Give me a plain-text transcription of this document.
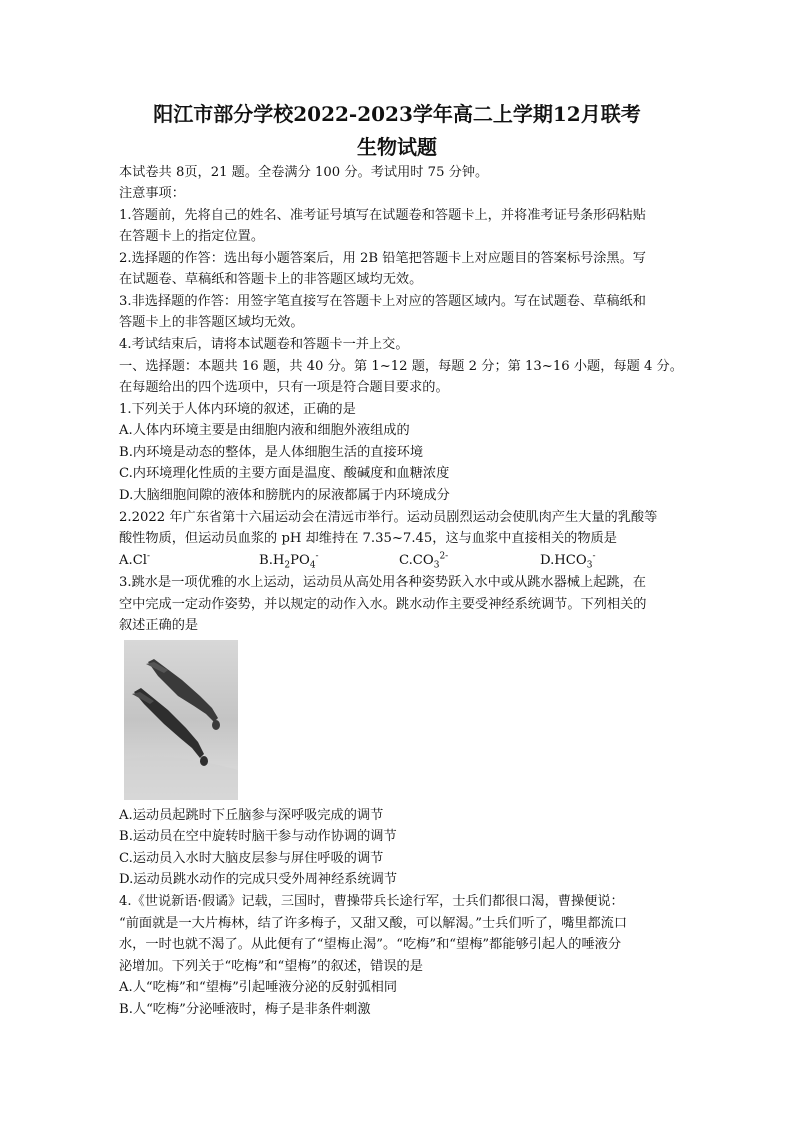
阳江市部分学校2022-2023学年高二上学期12月联考
生物试题
本试卷共 8页，21 题。全卷满分 100 分。考试用时 75 分钟。
注意事项：
1.答题前，先将自己的姓名、准考证号填写在试题卷和答题卡上，并将准考证号条形码粘贴
在答题卡上的指定位置。
2.选择题的作答：选出每小题答案后，用 2B 铅笔把答题卡上对应题目的答案标号涂黑。写
在试题卷、草稿纸和答题卡上的非答题区域均无效。
3.非选择题的作答：用签字笔直接写在答题卡上对应的答题区域内。写在试题卷、草稿纸和
答题卡上的非答题区域均无效。
4.考试结束后，请将本试题卷和答题卡一并上交。
一、选择题：本题共 16 题，共 40 分。第 1~12 题，每题 2 分；第 13~16 小题，每题 4 分。
在每题给出的四个选项中，只有一项是符合题目要求的。
1.下列关于人体内环境的叙述，正确的是
A.人体内环境主要是由细胞内液和细胞外液组成的
B.内环境是动态的整体，是人体细胞生活的直接环境
C.内环境理化性质的主要方面是温度、酸碱度和血糖浓度
D.大脑细胞间隙的液体和膀胱内的尿液都属于内环境成分
2.2022 年广东省第十六届运动会在清远市举行。运动员剧烈运动会使肌肉产生大量的乳酸等
酸性物质，但运动员血浆的 pH 却维持在 7.35~7.45，这与血浆中直接相关的物质是
A.Cl-	$B.H_2PO_4^-$	$C.CO_3^{2-}$	$D.HCO_3^-$
3.跳水是一项优雅的水上运动，运动员从高处用各种姿势跃入水中或从跳水器械上起跳，在
空中完成一定动作姿势，并以规定的动作入水。跳水动作主要受神经系统调节。下列相关的
叙述正确的是
A.运动员起跳时下丘脑参与深呼吸完成的调节
B.运动员在空中旋转时脑干参与动作协调的调节
C.运动员入水时大脑皮层参与屏住呼吸的调节
D.运动员跳水动作的完成只受外周神经系统调节
4.《世说新语·假谲》记载，三国时，曹操带兵长途行军，士兵们都很口渴，曹操便说：
“前面就是一大片梅林，结了许多梅子，又甜又酸，可以解渴。”士兵们听了，嘴里都流口
水，一时也就不渴了。从此便有了“望梅止渴”。“吃梅”和“望梅”都能够引起人的唾液分
泌增加。下列关于“吃梅”和“望梅”的叙述，错误的是
A.人“吃梅”和“望梅”引起唾液分泌的反射弧相同
B.人“吃梅”分泌唾液时，梅子是非条件刺激
